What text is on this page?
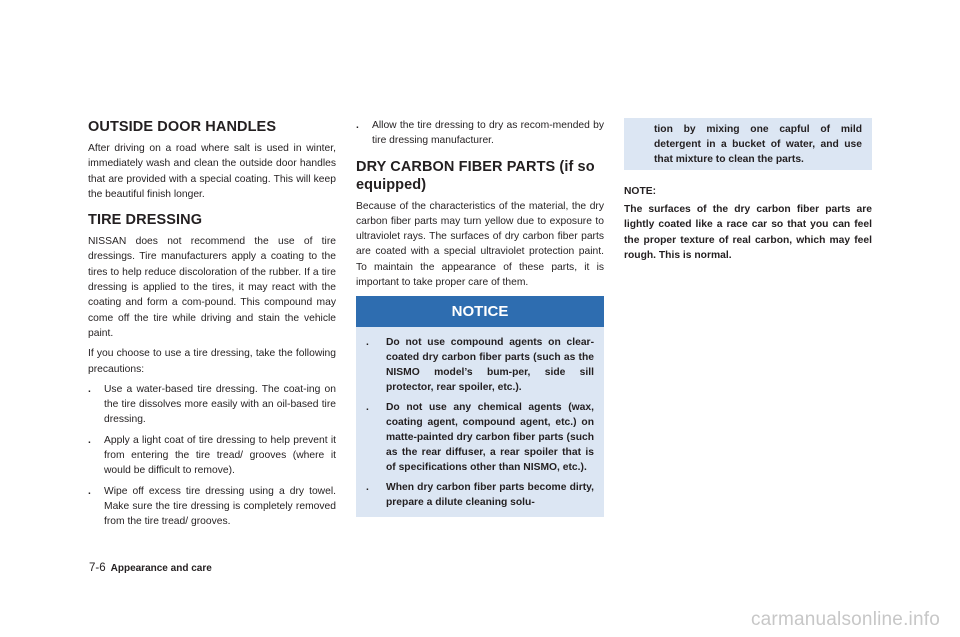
OUTSIDE DOOR HANDLES

After driving on a road where salt is used in winter, immediately wash and clean the outside door handles that are provided with a special coating. This will keep the beautiful finish longer.

TIRE DRESSING

NISSAN does not recommend the use of tire dressings. Tire manufacturers apply a coating to the tires to help reduce discoloration of the rubber. If a tire dressing is applied to the tires, it may react with the coating and form a com-pound. This compound may come off the tire while driving and stain the vehicle paint.

If you choose to use a tire dressing, take the following precautions:

. Use a water-based tire dressing. The coat-ing on the tire dissolves more easily with an oil-based tire dressing.
. Apply a light coat of tire dressing to help prevent it from entering the tire tread/ grooves (where it would be difficult to remove).
. Wipe off excess tire dressing using a dry towel. Make sure the tire dressing is completely removed from the tire tread/ grooves.
. Allow the tire dressing to dry as recom-mended by tire dressing manufacturer.
DRY CARBON FIBER PARTS (if so equipped)

Because of the characteristics of the material, the dry carbon fiber parts may turn yellow due to exposure to ultraviolet rays. The surfaces of dry carbon fiber parts are coated with a special ultraviolet protection paint. To maintain the appearance of these parts, it is important to take proper care of them.

NOTICE
. Do not use compound agents on clear-coated dry carbon fiber parts (such as the NISMO model’s bum-per, side sill protector, rear spoiler, etc.).
. Do not use any chemical agents (wax, coating agent, compound agent, etc.) on matte-painted dry carbon fiber parts (such as the rear diffuser, a rear spoiler that is of specifications other than NISMO, etc.).
. When dry carbon fiber parts become dirty, prepare a dilute cleaning solu-

tion by mixing one capful of mild detergent in a bucket of water, and use that mixture to clean the parts.

NOTE:

The surfaces of the dry carbon fiber parts are lightly coated like a race car so that you can feel the proper texture of real carbon, which may feel rough. This is normal.

7-6 Appearance and care
carmanualsonline.info
